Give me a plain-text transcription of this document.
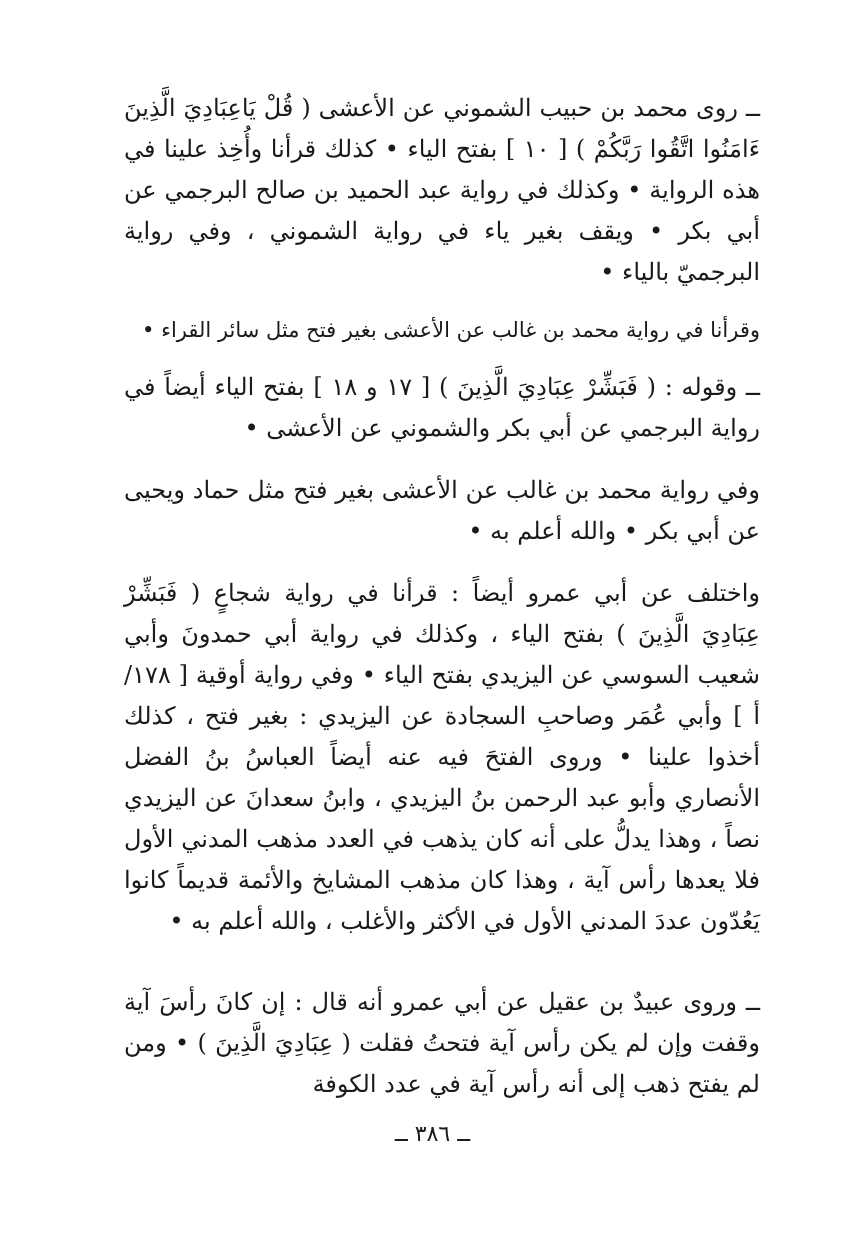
ــ روى محمد بن حبيب الشموني عن الأعشى ( قُلْ يَاعِبَادِيَ الَّذِينَ ءَامَنُوا اتَّقُوا رَبَّكُمْ ) [ ١٠ ] بفتح الياء • كذلك قرأنا وأُخِذ علينا في هذه الرواية • وكذلك في رواية عبد الحميد بن صالح البرجمي عن أبي بكر • ويقف بغير ياء في رواية الشموني ، وفي رواية البرجميّ بالياء •

وقرأنا في رواية محمد بن غالب عن الأعشى بغير فتح مثل سائر القراء •

ــ وقوله : ( فَبَشِّرْ عِبَادِيَ الَّذِينَ ) [ ١٧ و ١٨ ] بفتح الياء أيضاً في رواية البرجمي عن أبي بكر والشموني عن الأعشى •

وفي رواية محمد بن غالب عن الأعشى بغير فتح مثل حماد ويحيى عن أبي بكر • والله أعلم به •

واختلف عن أبي عمرو أيضاً : قرأنا في رواية شجاعٍ ( فَبَشِّرْ عِبَادِيَ الَّذِينَ ) بفتح الياء ، وكذلك في رواية أبي حمدونَ وأبي شعيب السوسي عن اليزيدي بفتح الياء • وفي رواية أوقية [ ١٧٨/أ ] وأبي عُمَر وصاحبِ السجادة عن اليزيدي : بغير فتح ، كذلك أخذوا علينا • وروى الفتحَ فيه عنه أيضاً العباسُ بنُ الفضل الأنصاري وأبو عبد الرحمن بنُ اليزيدي ، وابنُ سعدانَ عن اليزيدي نصاً ، وهذا يدلُّ على أنه كان يذهب في العدد مذهب المدني الأول فلا يعدها رأس آية ، وهذا كان مذهب المشايخ والأئمة قديماً كانوا يَعُدّون عددَ المدني الأول في الأكثر والأغلب ، والله أعلم به •

ــ وروى عبيدٌ بن عقيل عن أبي عمرو أنه قال : إن كانَ رأسَ آية وقفت وإن لم يكن رأس آية فتحتُ فقلت ( عِبَادِيَ الَّذِينَ ) • ومن لم يفتح ذهب إلى أنه رأس آية في عدد الكوفة

ــ ٣٨٦ ــ
